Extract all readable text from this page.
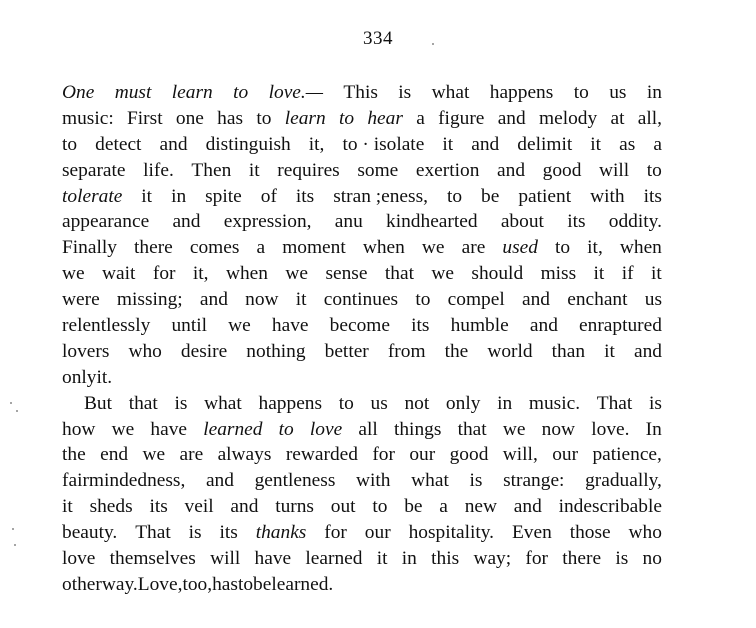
334
One must learn to love.— This is what happens to us in
music: First one has to learn to hear a figure and melody at all,
to detect and distinguish it, to · isolate it and delimit it as a
separate life. Then it requires some exertion and good will to
tolerate it in spite of its stran ;eness, to be patient with its
appearance and expression, anu kindhearted about its oddity.
Finally there comes a moment when we are used to it, when
we wait for it, when we sense that we should miss it if it
were missing; and now it continues to compel and enchant us
relentlessly until we have become its humble and enraptured
lovers who desire nothing better from the world than it and
only it.
But that is what happens to us not only in music. That is
how we have learned to love all things that we now love. In
the end we are always rewarded for our good will, our patience,
fairmindedness, and gentleness with what is strange: gradually,
it sheds its veil and turns out to be a new and indescribable
beauty. That is its thanks for our hospitality. Even those who
love themselves will have learned it in this way; for there is no
other way. Love, too, has to be learned.
